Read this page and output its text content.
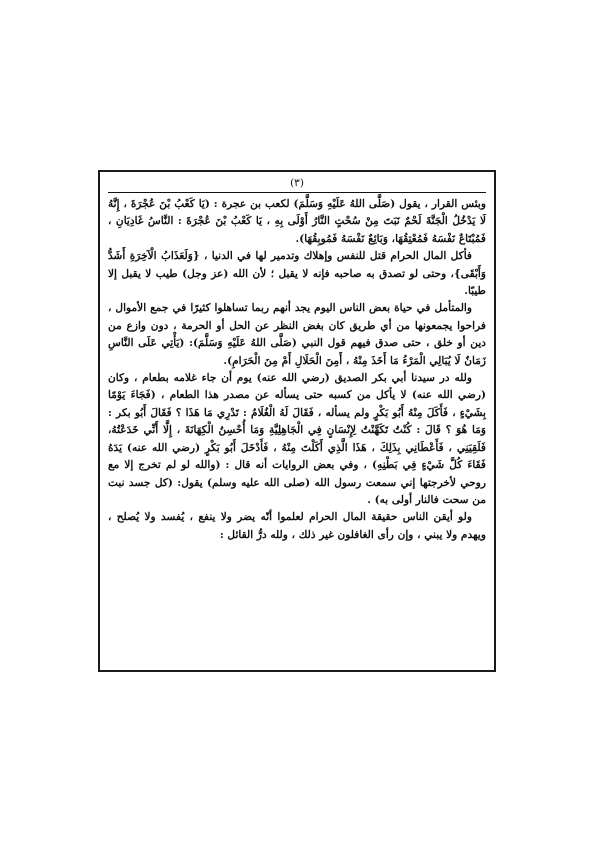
(٣)

وبئس القرار ، يقول (صَلَّى اللهُ عَلَيْهِ وَسَلَّمَ) لكعب بن عجرة : (يَا كَعْبُ بْنَ عُجْرَةَ ، إِنَّهُ لَا يَدْخُلُ الْجَنَّةَ لَحْمٌ نَبَتَ مِنْ سُحْتٍ النَّارُ أَوْلَى بِهِ ، يَا كَعْبُ بْنَ عُجْرَةَ : النَّاسُ غَادِيَانِ ، فَمُبْتَاعٌ نَفْسَهُ فَمُعْتِقُهَا، وَبَائِعٌ نَفْسَهُ فَمُوبِقُهَا).

فأكل المال الحرام قتل للنفس وإهلاك وتدمير لها في الدنيا ، {وَلَعَذَابُ الْآخِرَةِ أَشَدُّ وَأَبْقَى}، وحتى لو تصدق به صاحبه فإنه لا يقبل ؛ لأن الله (عز وجل) طيب لا يقبل إلا طيبًا.

والمتأمل في حياة بعض الناس اليوم يجد أنهم ربما تساهلوا كثيرًا في جمع الأموال ، فراحوا يجمعونها من أي طريق كان بغض النظر عن الحل أو الحرمة ، دون وازع من دين أو خلق ، حتى صدق فيهم قول النبي (صَلَّى اللهُ عَلَيْهِ وَسَلَّمَ): (يَأْتِي عَلَى النَّاسِ زَمَانٌ لَا يُبَالِي الْمَرْءُ مَا أَخَذَ مِنْهُ ، أَمِنَ الْحَلَالِ أَمْ مِنَ الْحَرَامِ).

ولله در سيدنا أبي بكر الصديق (رضي الله عنه) يوم أن جاء غلامه بطعام ، وكان (رضي الله عنه) لا يأكل من كسبه حتى يسأله عن مصدر هذا الطعام ، (فَجَاءَ يَوْمًا بِشَيْءٍ ، فَأَكَلَ مِنْهُ أَبُو بَكْرٍ ولم يسأله ، فَقَالَ لَهُ الْغُلَامُ : تَدْرِي مَا هَذَا ؟ فَقَالَ أَبُو بكر : وَمَا هُوَ ؟ قَالَ : كُنْتُ تَكَهَّنْتُ لِإِنْسَانٍ فِي الْجَاهِلِيَّةِ وَمَا أُحْسِنُ الْكِهَانَةَ ، إِلَّا أَنِّي خَدَعْتُهُ، فَلَقِيَنِي ، فَأَعْطَانِي بِذَلِكَ ، هَذَا الَّذِي أَكَلْتَ مِنْهُ ، فَأَدْخَلَ أَبُو بَكْرٍ (رضي الله عنه) يَدَهُ فَقَاءَ كُلَّ شَيْءٍ فِي بَطْنِهِ) ، وفي بعض الروايات أنه قال : (والله لو لم تخرج إلا مع روحي لأخرجتها إني سمعت رسول الله (صلى الله عليه وسلم) يقول: (كل جسد نبت من سحت فالنار أولى به) .

ولو أيقن الناس حقيقة المال الحرام لعلموا أنّه يضر ولا ينفع ، يُفسد ولا يُصلح ، ويهدم ولا يبني ، وإن رأى الغافلون غير ذلك ، ولله درُّ القائل :
